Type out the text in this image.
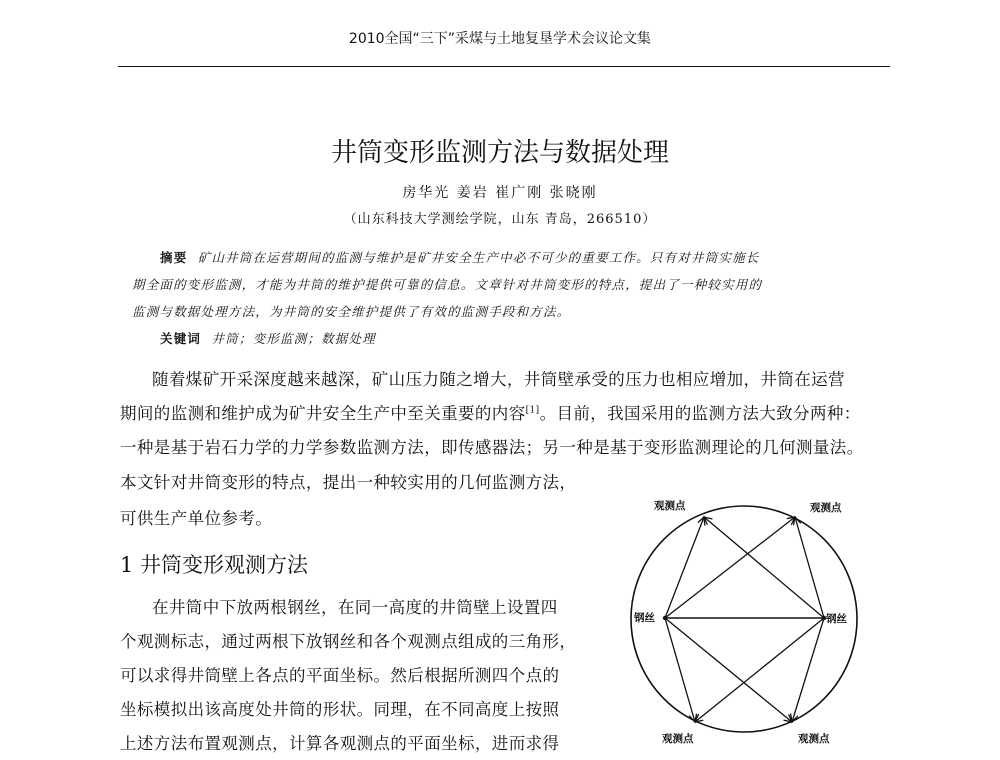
2010全国“三下”采煤与土地复垦学术会议论文集
井筒变形监测方法与数据处理
房华光 姜岩 崔广刚 张晓刚
（山东科技大学测绘学院，山东 青岛，266510）
摘要 矿山井筒在运营期间的监测与维护是矿井安全生产中必不可少的重要工作。只有对井筒实施长
期全面的变形监测，才能为井筒的维护提供可靠的信息。文章针对井筒变形的特点，提出了一种较实用的
监测与数据处理方法，为井筒的安全维护提供了有效的监测手段和方法。
关键词 井筒；变形监测；数据处理
随着煤矿开采深度越来越深，矿山压力随之增大，井筒壁承受的压力也相应增加，井筒在运营
期间的监测和维护成为矿井安全生产中至关重要的内容[1]。目前，我国采用的监测方法大致分两种：
一种是基于岩石力学的力学参数监测方法，即传感器法；另一种是基于变形监测理论的几何测量法。
本文针对井筒变形的特点，提出一种较实用的几何监测方法，
可供生产单位参考。
1 井筒变形观测方法
在井筒中下放两根钢丝，在同一高度的井筒壁上设置四
个观测标志，通过两根下放钢丝和各个观测点组成的三角形，
可以求得井筒壁上各点的平面坐标。然后根据所测四个点的
坐标模拟出该高度处井筒的形状。同理，在不同高度上按照
上述方法布置观测点，计算各观测点的平面坐标，进而求得
观测点	观测点
钢丝	钢丝
观测点	观测点
